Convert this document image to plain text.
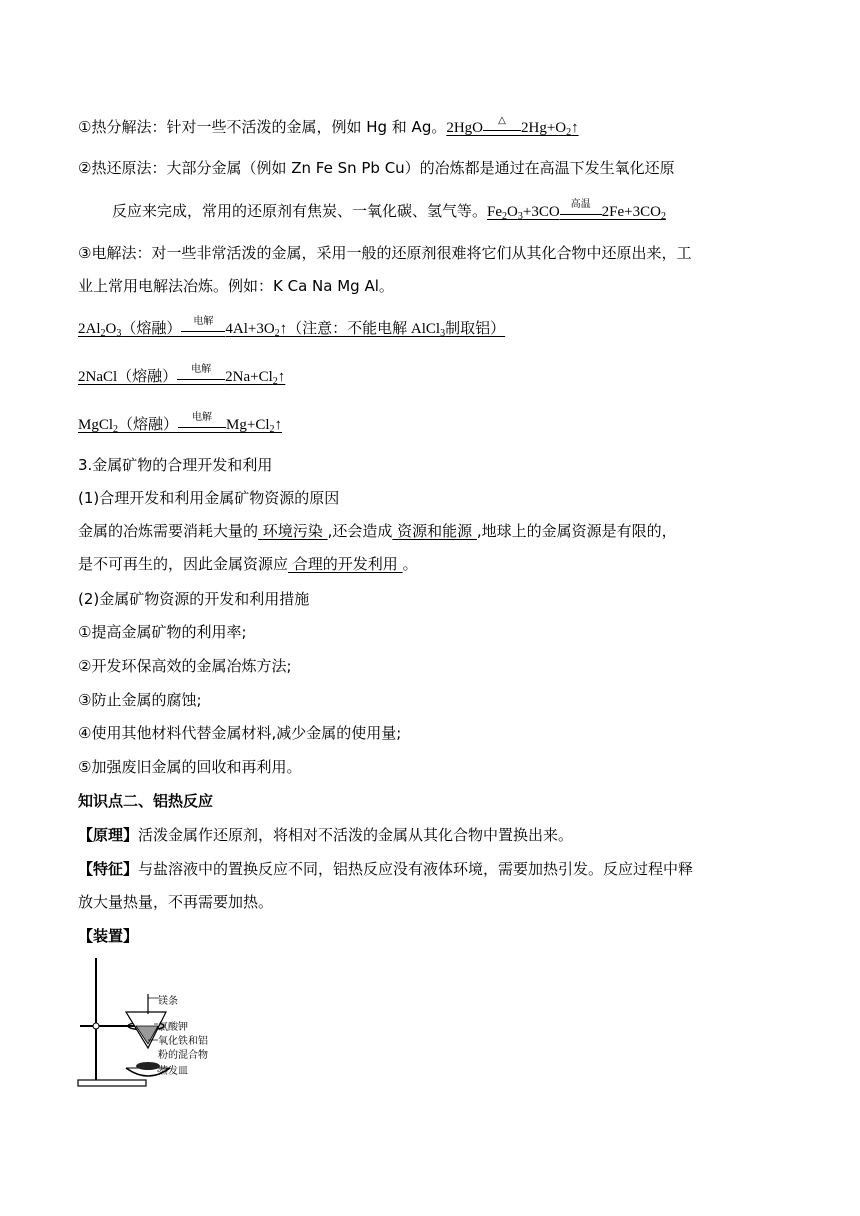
①热分解法：针对一些不活泼的金属，例如 Hg 和 Ag。2HgO	△	$2Hg+O_2↑$
②热还原法：大部分金属（例如 Zn Fe Sn Pb Cu）的冶炼都是通过在高温下发生氧化还原
反应来完成，常用的还原剂有焦炭、一氧化碳、氢气等。$Fe_2O_3+3CO$	高温 $2Fe+3CO_2$
③电解法：对一些非常活泼的金属，采用一般的还原剂很难将它们从其化合物中还原出来，工
业上常用电解法冶炼。例如：K Ca Na Mg Al。
$2Al_2O_3$（熔融）	电解 $4Al+3O_2↑$（注意：不能电解 AlCl$_3$制取铝）
2NaCl（熔融）	电解 $2Na+Cl_2↑$
MgCl$_2$（熔融）	电解 $Mg+Cl_2↑$
3.金属矿物的合理开发和利用
(1)合理开发和利用金属矿物资源的原因
金属的冶炼需要消耗大量的 环境污染 ,还会造成 资源和能源 ,地球上的金属资源是有限的，
是不可再生的，因此金属资源应 合理的开发利用 。
(2)金属矿物资源的开发和利用措施
①提高金属矿物的利用率;
②开发环保高效的金属冶炼方法;
③防止金属的腐蚀;
④使用其他材料代替金属材料,减少金属的使用量;
⑤加强废旧金属的回收和再利用。
知识点二、铝热反应
【原理】活泼金属作还原剂，将相对不活泼的金属从其化合物中置换出来。
【特征】与盐溶液中的置换反应不同，铝热反应没有液体环境，需要加热引发。反应过程中释
放大量热量，不再需要加热。
【装置】
镁条
氯酸钾
氧化铁和铝
粉的混合物
蒸发皿
